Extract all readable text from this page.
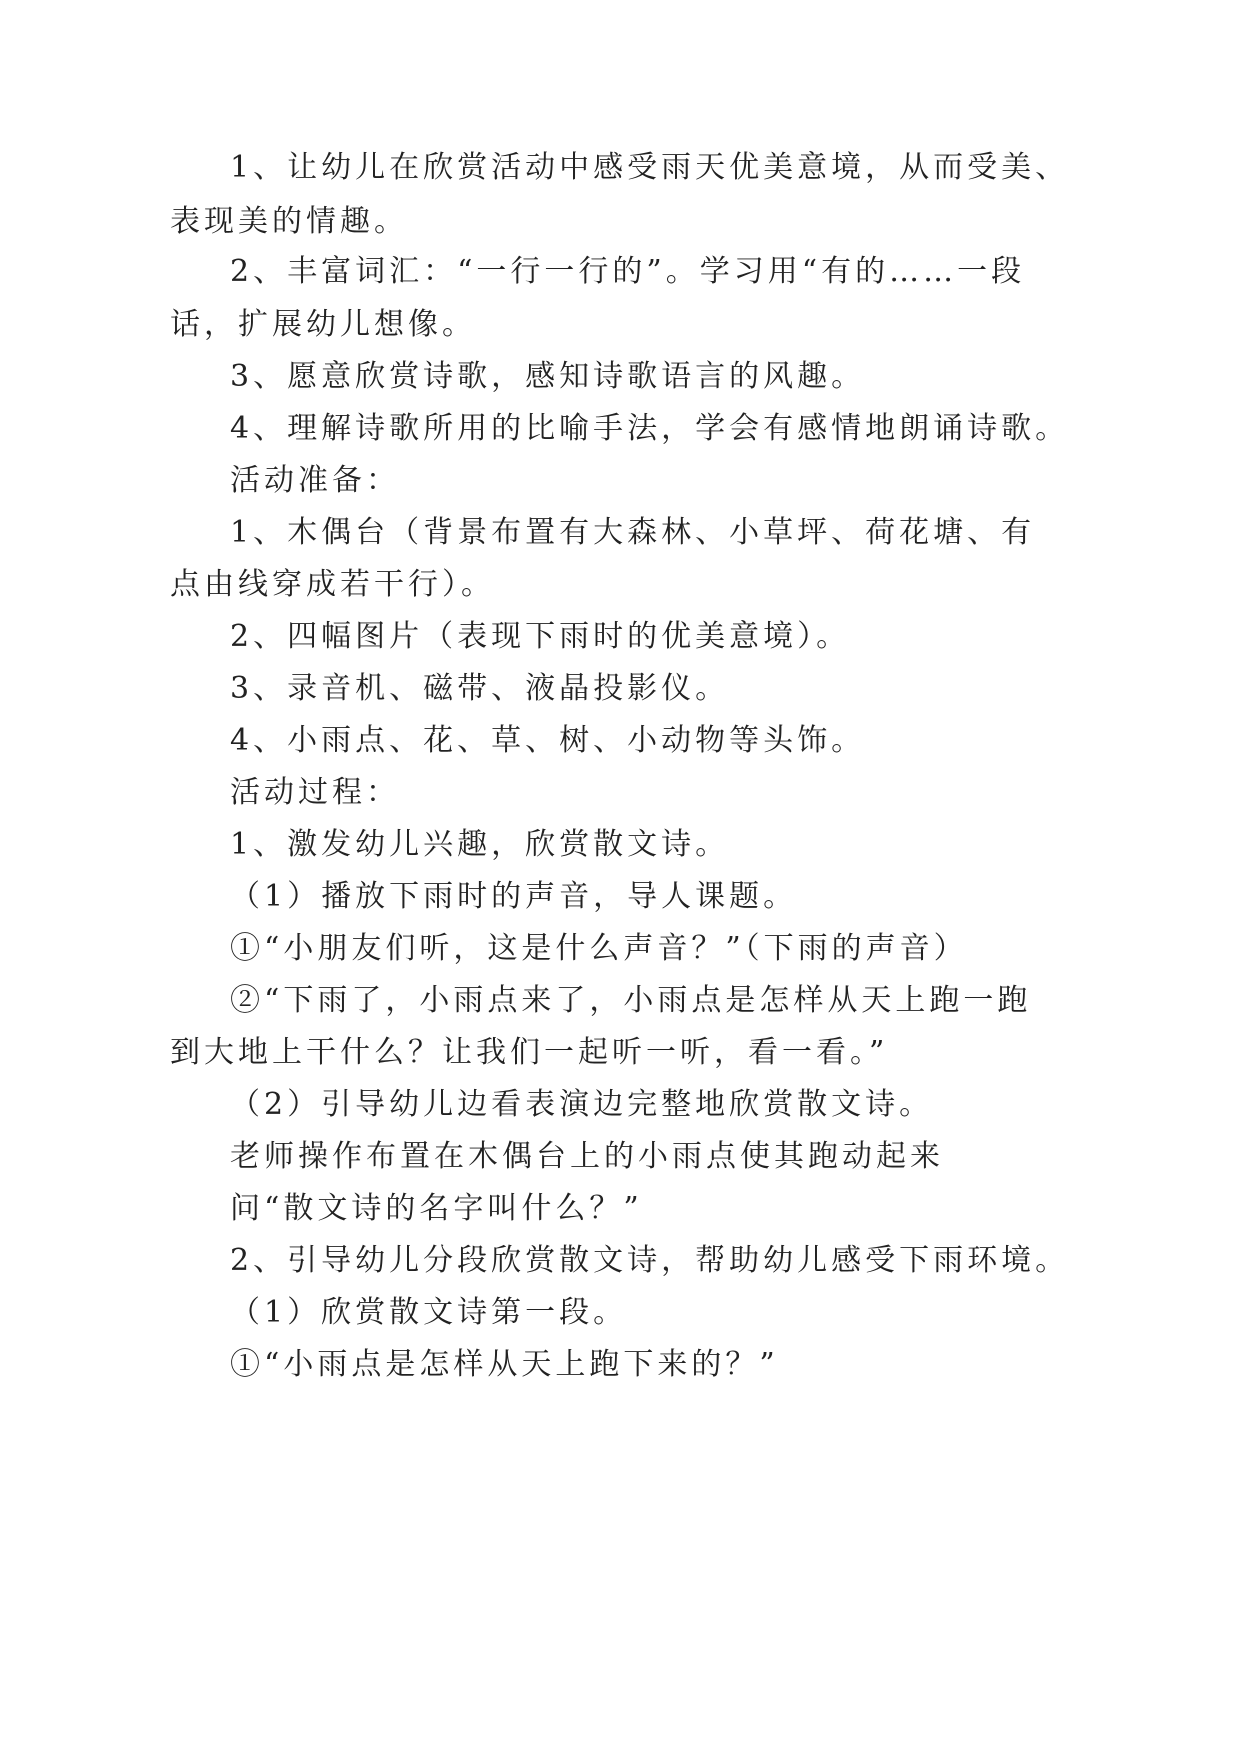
1、让幼儿在欣赏活动中感受雨天优美意境，从而受美、
表现美的情趣。
2、丰富词汇：“一行一行的”。学习用“有的……一段
话，扩展幼儿想像。
3、愿意欣赏诗歌，感知诗歌语言的风趣。
4、理解诗歌所用的比喻手法，学会有感情地朗诵诗歌。
活动准备：
1、木偶台（背景布置有大森林、小草坪、荷花塘、有
点由线穿成若干行）。
2、四幅图片（表现下雨时的优美意境）。
3、录音机、磁带、液晶投影仪。
4、小雨点、花、草、树、小动物等头饰。
活动过程：
1、激发幼儿兴趣，欣赏散文诗。
（1）播放下雨时的声音，导人课题。
①“小朋友们听，这是什么声音？”（下雨的声音）
②“下雨了，小雨点来了，小雨点是怎样从天上跑一跑
到大地上干什么？让我们一起听一听，看一看。”
（2）引导幼儿边看表演边完整地欣赏散文诗。
老师操作布置在木偶台上的小雨点使其跑动起来
问“散文诗的名字叫什么？”
2、引导幼儿分段欣赏散文诗，帮助幼儿感受下雨环境。
（1）欣赏散文诗第一段。
①“小雨点是怎样从天上跑下来的？”
